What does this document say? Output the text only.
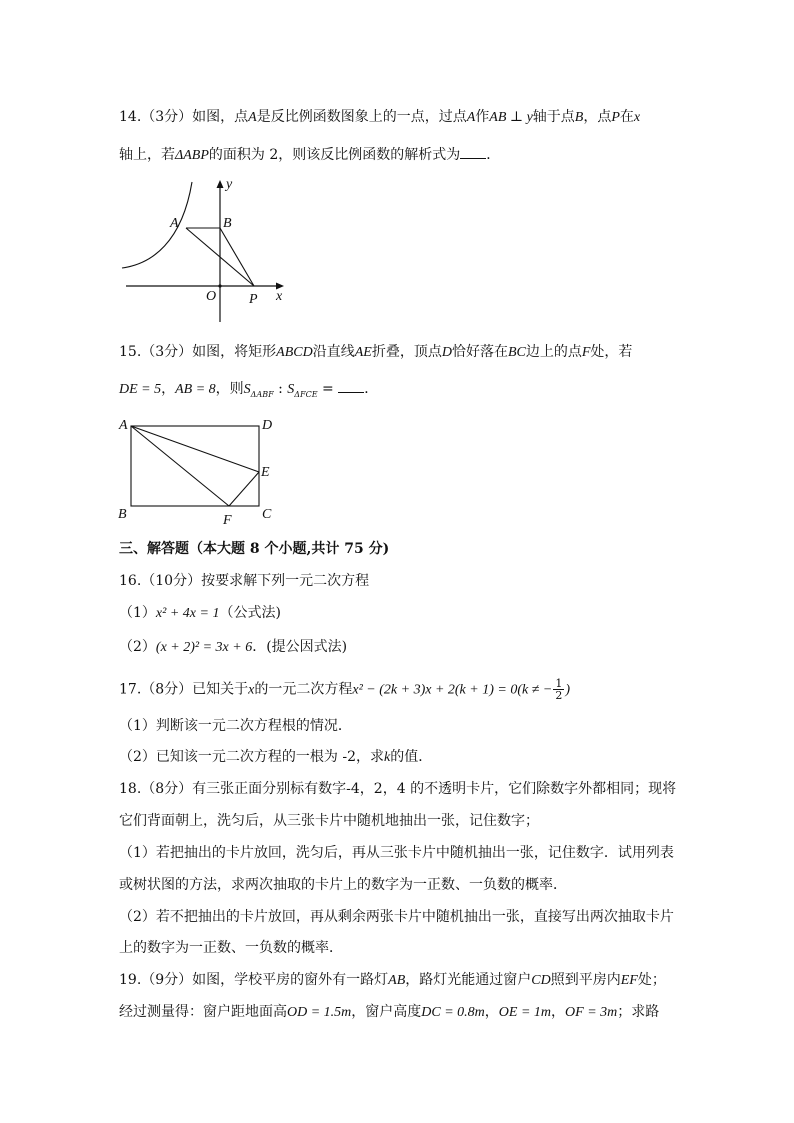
14.（3分）如图，点A是反比例函数图象上的一点，过点A作AB ⊥ y轴于点B，点P在x
轴上，若ΔABP的面积为 2，则该反比例函数的解析式为 ．
y
A	B
O P x
15.（3分）如图，将矩形ABCD沿直线AE折叠，顶点D恰好落在BC边上的点F处，若
DE = 5，AB = 8，则$S_{\Delta ABF}$ : $S_{\Delta FCE}$ = ．
A	D
E
B	F C
三、解答题（本大题 8 个小题,共计 75 分)
16.（10分）按要求解下列一元二次方程
（1）x² + 4x = 1（公式法)
（2）(x + 2)² = 3x + 6．(提公因式法)
17.（8分）已知关于x的一元二次方程x² − (2k + 3)x + 2(k + 1) = 0(k ≠ − $\frac{1}{2}$ )
（1）判断该一元二次方程根的情况．
（2）已知该一元二次方程的一根为 -2，求k的值．
18.（8分）有三张正面分别标有数字-4，2，4 的不透明卡片，它们除数字外都相同；现将
它们背面朝上，洗匀后，从三张卡片中随机地抽出一张，记住数字；
（1）若把抽出的卡片放回，洗匀后，再从三张卡片中随机抽出一张，记住数字．试用列表
或树状图的方法，求两次抽取的卡片上的数字为一正数、一负数的概率．
（2）若不把抽出的卡片放回，再从剩余两张卡片中随机抽出一张，直接写出两次抽取卡片
上的数字为一正数、一负数的概率．
19.（9分）如图，学校平房的窗外有一路灯AB，路灯光能通过窗户CD照到平房内EF处；
经过测量得：窗户距地面高OD = 1.5m，窗户高度DC = 0.8m，OE = 1m，OF = 3m；求路
